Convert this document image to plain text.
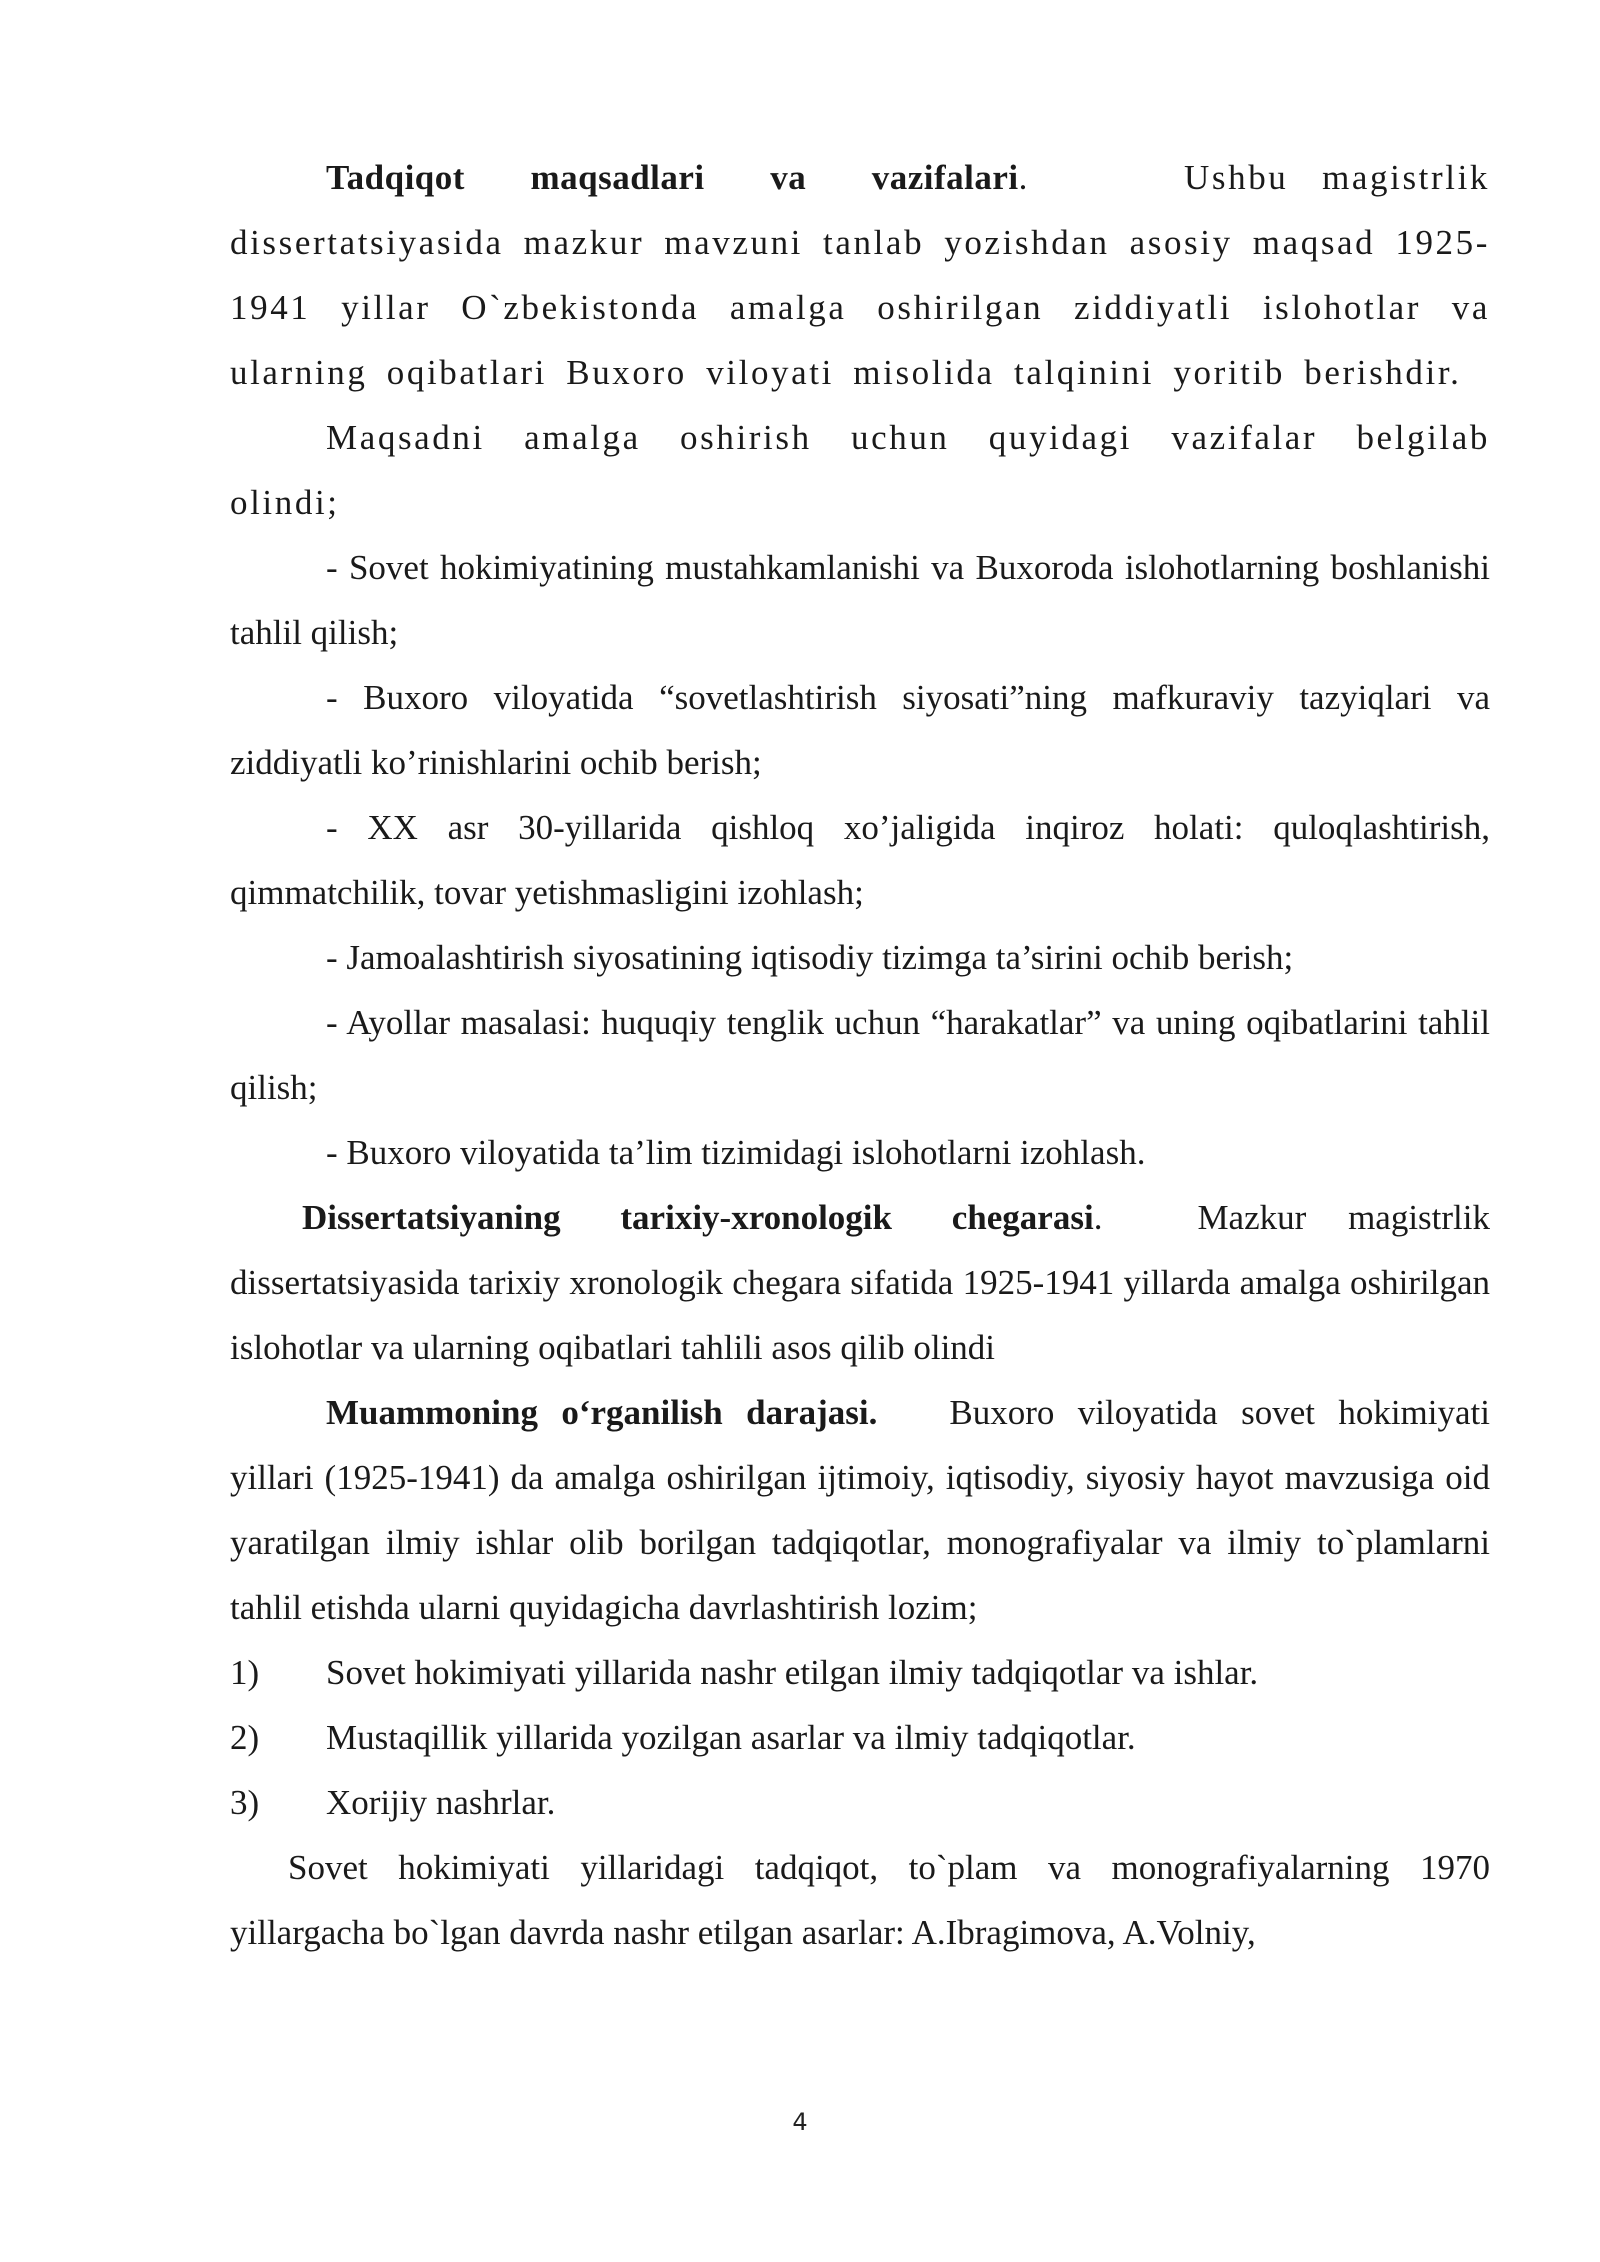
Tadqiqot maqsadlari va vazifalari.	Ushbu magistrlik dissertatsiyasida mazkur mavzuni tanlab yozishdan asosiy maqsad 1925-1941 yillar O`zbekistonda amalga oshirilgan ziddiyatli islohotlar va ularning oqibatlari Buxoro viloyati misolida talqinini yoritib berishdir.

Maqsadni amalga oshirish uchun quyidagi vazifalar belgilab olindi;

- Sovet hokimiyatining mustahkamlanishi va Buxoroda islohotlarning boshlanishi tahlil qilish;

- Buxoro viloyatida “sovetlashtirish siyosati”ning mafkuraviy tazyiqlari va ziddiyatli ko’rinishlarini ochib berish;

- XX asr 30-yillarida qishloq xo’jaligida inqiroz holati: quloqlashtirish, qimmatchilik, tovar yetishmasligini izohlash;

- Jamoalashtirish siyosatining iqtisodiy tizimga ta’sirini ochib berish;

- Ayollar masalasi: huquqiy tenglik uchun “harakatlar” va uning oqibatlarini tahlil qilish;

- Buxoro viloyatida ta’lim tizimidagi islohotlarni izohlash.

Dissertatsiyaning tarixiy-xronologik chegarasi.	Mazkur magistrlik dissertatsiyasida tarixiy xronologik chegara sifatida 1925-1941 yillarda amalga oshirilgan islohotlar va ularning oqibatlari tahlili asos qilib olindi

Muammoning o‘rganilish darajasi. Buxoro viloyatida sovet hokimiyati yillari (1925-1941) da amalga oshirilgan ijtimoiy, iqtisodiy, siyosiy hayot mavzusiga oid yaratilgan ilmiy ishlar olib borilgan tadqiqotlar, monografiyalar va ilmiy to`plamlarni tahlil etishda ularni quyidagicha davrlashtirish lozim;

1)	Sovet hokimiyati yillarida nashr etilgan ilmiy tadqiqotlar va ishlar.
2)	Mustaqillik yillarida yozilgan asarlar va ilmiy tadqiqotlar.
3)	Xorijiy nashrlar.

Sovet hokimiyati yillaridagi tadqiqot, to`plam va monografiyalarning 1970 yillargacha bo`lgan davrda nashr etilgan asarlar: A.Ibragimova, A.Volniy,

4
